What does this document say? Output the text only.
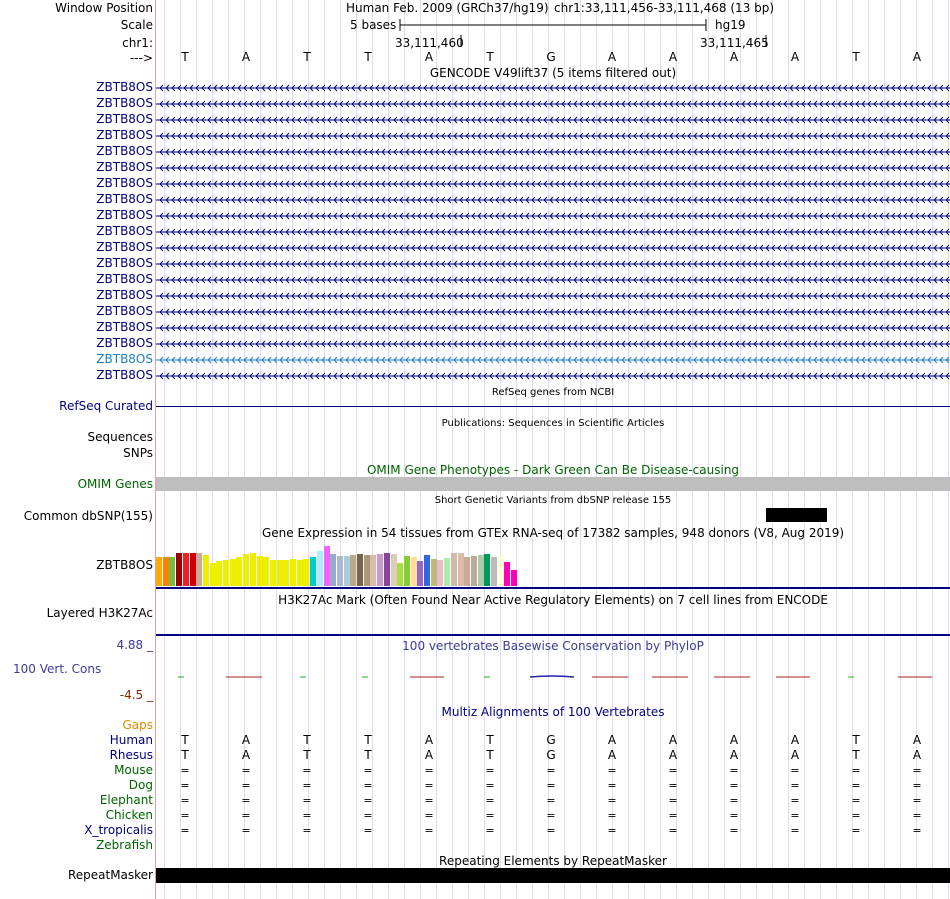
Window Position	Human Feb. 2009 (GRCh37/hg19) chr1:33,111,456-33,111,468 (13 bp)
Scale	5 bases	hg19
chr1:	33,111,460	33,111,465
--->	T	A	T	T	A	T	G	A	A	A	A	T	A
GENCODE V49lift37 (5 items filtered out)
ZBTB8OS
ZBTB8OS
ZBTB8OS
ZBTB8OS
ZBTB8OS
ZBTB8OS
ZBTB8OS
ZBTB8OS
ZBTB8OS
ZBTB8OS
ZBTB8OS
ZBTB8OS
ZBTB8OS
ZBTB8OS
ZBTB8OS
ZBTB8OS
ZBTB8OS
ZBTB8OS
ZBTB8OS
RefSeq genes from NCBI
RefSeq Curated
Publications: Sequences in Scientific Articles
Sequences
SNPs
OMIM Gene Phenotypes - Dark Green Can Be Disease-causing
OMIM Genes
Short Genetic Variants from dbSNP release 155
Common dbSNP(155)
Gene Expression in 54 tissues from GTEx RNA-seq of 17382 samples, 948 donors (V8, Aug 2019)
ZBTB8OS
H3K27Ac Mark (Often Found Near Active Regulatory Elements) on 7 cell lines from ENCODE
Layered H3K27Ac
100 vertebrates Basewise Conservation by PhyloP
4.88 _
100 Vert. Cons
-4.5 _
Multiz Alignments of 100 Vertebrates
Gaps
Human	T	A	T	T	A	T	G	A	A	A	A	T	A
Rhesus	T	A	T	T	A	T	G	A	A	A	A	T	A
Mouse	=	=	=	=	=	=	=	=	=	=	=	=	=
Dog	=	=	=	=	=	=	=	=	=	=	=	=	=
Elephant	=	=	=	=	=	=	=	=	=	=	=	=	=
Chicken	=	=	=	=	=	=	=	=	=	=	=	=	=
X_tropicalis	=	=	=	=	=	=	=	=	=	=	=	=	=
Zebrafish
Repeating Elements by RepeatMasker
RepeatMasker
